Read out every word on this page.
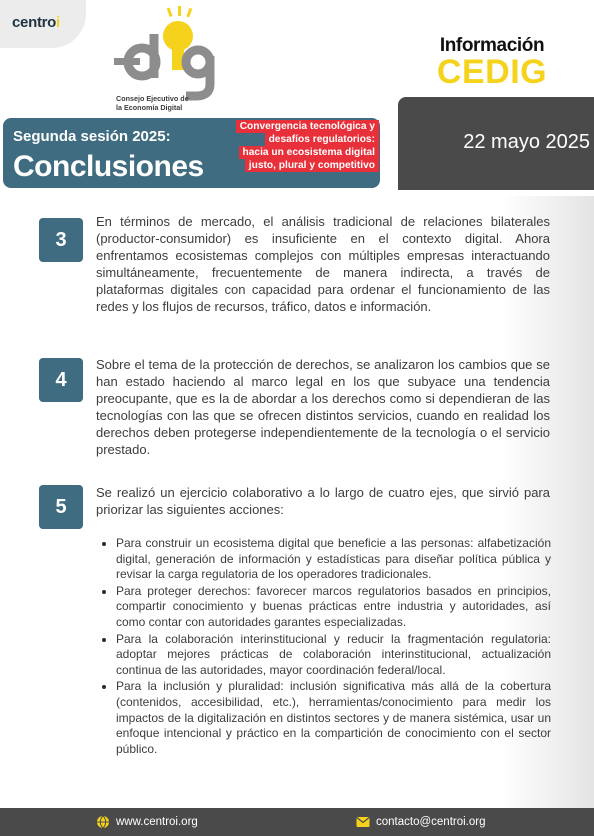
centroi
Consejo Ejecutivo de
la Economía Digital
Información
CEDIG
22 mayo 2025
Segunda sesión 2025:
Conclusiones
Convergencia tecnológica y
desafíos regulatorios:
hacia un ecosistema digital
justo, plural y competitivo
3

En términos de mercado, el análisis tradicional de relaciones bilaterales (productor-consumidor) es insuficiente en el contexto digital. Ahora enfrentamos ecosistemas complejos con múltiples empresas interactuando simultáneamente, frecuentemente de manera indirecta, a través de plataformas digitales con capacidad para ordenar el funcionamiento de las redes y los flujos de recursos, tráfico, datos e información.

4

Sobre el tema de la protección de derechos, se analizaron los cambios que se han estado haciendo al marco legal en los que subyace una tendencia preocupante, que es la de abordar a los derechos como si dependieran de las tecnologías con las que se ofrecen distintos servicios, cuando en realidad los derechos deben protegerse independientemente de la tecnología o el servicio prestado.

5

Se realizó un ejercicio colaborativo a lo largo de cuatro ejes, que sirvió para priorizar las siguientes acciones:

Para construir un ecosistema digital que beneficie a las personas: alfabetización digital, generación de información y estadísticas para diseñar política pública y revisar la carga regulatoria de los operadores tradicionales.
Para proteger derechos: favorecer marcos regulatorios basados en principios, compartir conocimiento y buenas prácticas entre industria y autoridades, así como contar con autoridades garantes especializadas.
Para la colaboración interinstitucional y reducir la fragmentación regulatoria: adoptar mejores prácticas de colaboración interinstitucional, actualización continua de las autoridades, mayor coordinación federal/local.
Para la inclusión y pluralidad: inclusión significativa más allá de la cobertura (contenidos, accesibilidad, etc.), herramientas/conocimiento para medir los impactos de la digitalización en distintos sectores y de manera sistémica, usar un enfoque intencional y práctico en la compartición de conocimiento con el sector público.
www.centroi.org	contacto@centroi.org
